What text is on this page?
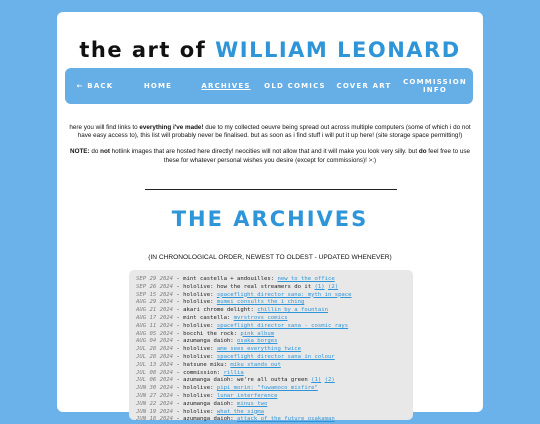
the art of WILLIAM LEONARD
← BACK	HOME	ARCHIVES OLD COMICS COVER ART COMMISSION INFO

here you will find links to everything i've made! due to my collected oeuvre being spread out across multiple computers (some of which i do not have easy access to), this list will probably never be finalised. but as soon as i find stuff i will put it up here! (site storage space permitting!)

NOTE: do not hotlink images that are hosted here directly! neocities will not allow that and it will make you look very silly. but do feel free to use these for whatever personal wishes you desire (except for commissions)! >:)

THE ARCHIVES
(IN CHRONOLOGICAL ORDER, NEWEST TO OLDEST - UPDATED WHENEVER)
SEP 29 2024 - mint castella + andouilles: new to the office
SEP 26 2024 - hololive: how the real streamers do it (1) (2)
SEP 15 2024 - hololive: spaceflight director sana: myth in space
AUG 29 2024 - hololive: mumei consults the i ching
AUG 21 2024 - akari chrome delight: chillin by a fountain
AUG 17 2024 - mint castella: mvrstrovs comics
AUG 11 2024 - hololive: spaceflight director sana - cosmic rays
AUG 05 2024 - bocchi the rock: pink album
AUG 04 2024 - azumanga daioh: osaka borges
JUL 28 2024 - hololive: ame sees everything twice
JUL 28 2024 - hololive: spaceflight director sana in colour
JUL 13 2024 - hatsune miku: miku stands out
JUL 08 2024 - commission: rillia
JUL 06 2024 - azumanga daioh: we're all outta green (1) (2)
JUN 30 2024 - hololive: pipi morin: "fuwamoco misfire"
JUN 27 2024 - hololive: lunar interference
JUN 22 2024 - azumanga daioh: minus two
JUN 19 2024 - hololive: what the sigma
JUN 18 2024 - azumanga daioh: attack of the future osakaman
